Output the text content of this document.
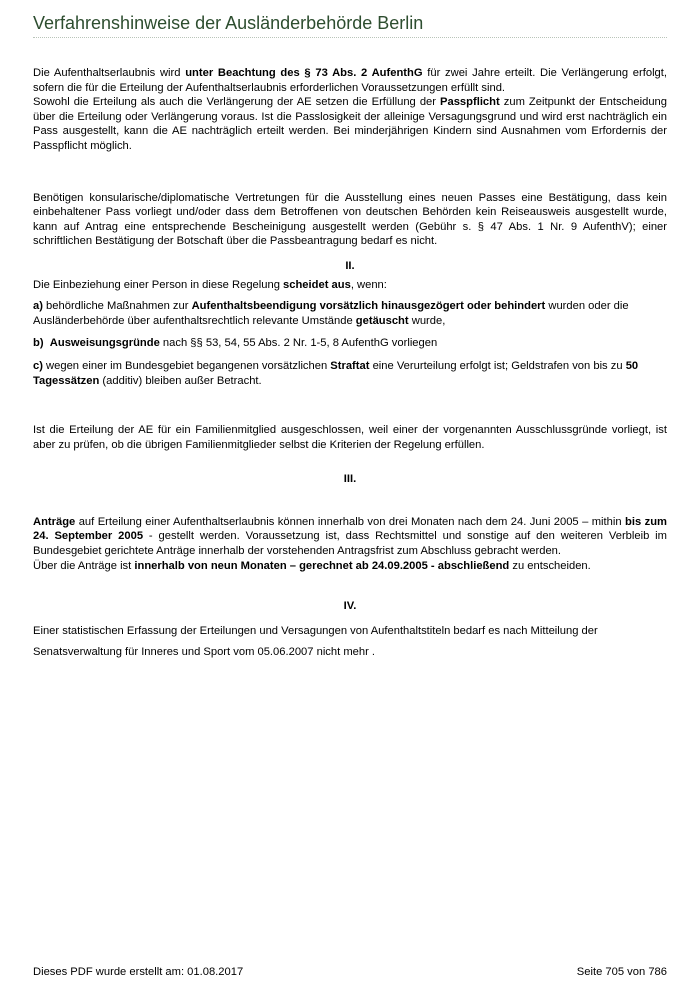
Verfahrenshinweise der Ausländerbehörde Berlin

Die Aufenthaltserlaubnis wird unter Beachtung des § 73 Abs. 2 AufenthG für zwei Jahre erteilt. Die Verlängerung erfolgt, sofern die für die Erteilung der Aufenthaltserlaubnis erforderlichen Voraussetzungen erfüllt sind.

Sowohl die Erteilung als auch die Verlängerung der AE setzen die Erfüllung der Passpflicht zum Zeitpunkt der Entscheidung über die Erteilung oder Verlängerung voraus. Ist die Passlosigkeit der alleinige Versagungsgrund und wird erst nachträglich ein Pass ausgestellt, kann die AE nachträglich erteilt werden. Bei minderjährigen Kindern sind Ausnahmen vom Erfordernis der Passpflicht möglich.

Benötigen konsularische/diplomatische Vertretungen für die Ausstellung eines neuen Passes eine Bestätigung, dass kein einbehaltener Pass vorliegt und/oder dass dem Betroffenen von deutschen Behörden kein Reiseausweis ausgestellt wurde, kann auf Antrag eine entsprechende Bescheinigung ausgestellt werden (Gebühr s. § 47 Abs. 1 Nr. 9 AufenthV); einer schriftlichen Bestätigung der Botschaft über die Passbeantragung bedarf es nicht.

II.

Die Einbeziehung einer Person in diese Regelung scheidet aus, wenn:

a) behördliche Maßnahmen zur Aufenthaltsbeendigung vorsätzlich hinausgezögert oder behindert wurden oder die Ausländerbehörde über aufenthaltsrechtlich relevante Umstände getäuscht wurde,

b) Ausweisungsgründe nach §§ 53, 54, 55 Abs. 2 Nr. 1-5, 8 AufenthG vorliegen

c) wegen einer im Bundesgebiet begangenen vorsätzlichen Straftat eine Verurteilung erfolgt ist; Geldstrafen von bis zu 50 Tagessätzen (additiv) bleiben außer Betracht.

Ist die Erteilung der AE für ein Familienmitglied ausgeschlossen, weil einer der vorgenannten Ausschlussgründe vorliegt, ist aber zu prüfen, ob die übrigen Familienmitglieder selbst die Kriterien der Regelung erfüllen.

III.

Anträge auf Erteilung einer Aufenthaltserlaubnis können innerhalb von drei Monaten nach dem 24. Juni 2005 – mithin bis zum 24. September 2005 - gestellt werden. Voraussetzung ist, dass Rechtsmittel und sonstige auf den weiteren Verbleib im Bundesgebiet gerichtete Anträge innerhalb der vorstehenden Antragsfrist zum Abschluss gebracht werden.

Über die Anträge ist innerhalb von neun Monaten – gerechnet ab 24.09.2005 - abschließend zu entscheiden.

IV.

Einer statistischen Erfassung der Erteilungen und Versagungen von Aufenthaltstiteln bedarf es nach Mitteilung der Senatsverwaltung für Inneres und Sport vom 05.06.2007 nicht mehr .

Dieses PDF wurde erstellt am: 01.08.2017	Seite 705 von 786
